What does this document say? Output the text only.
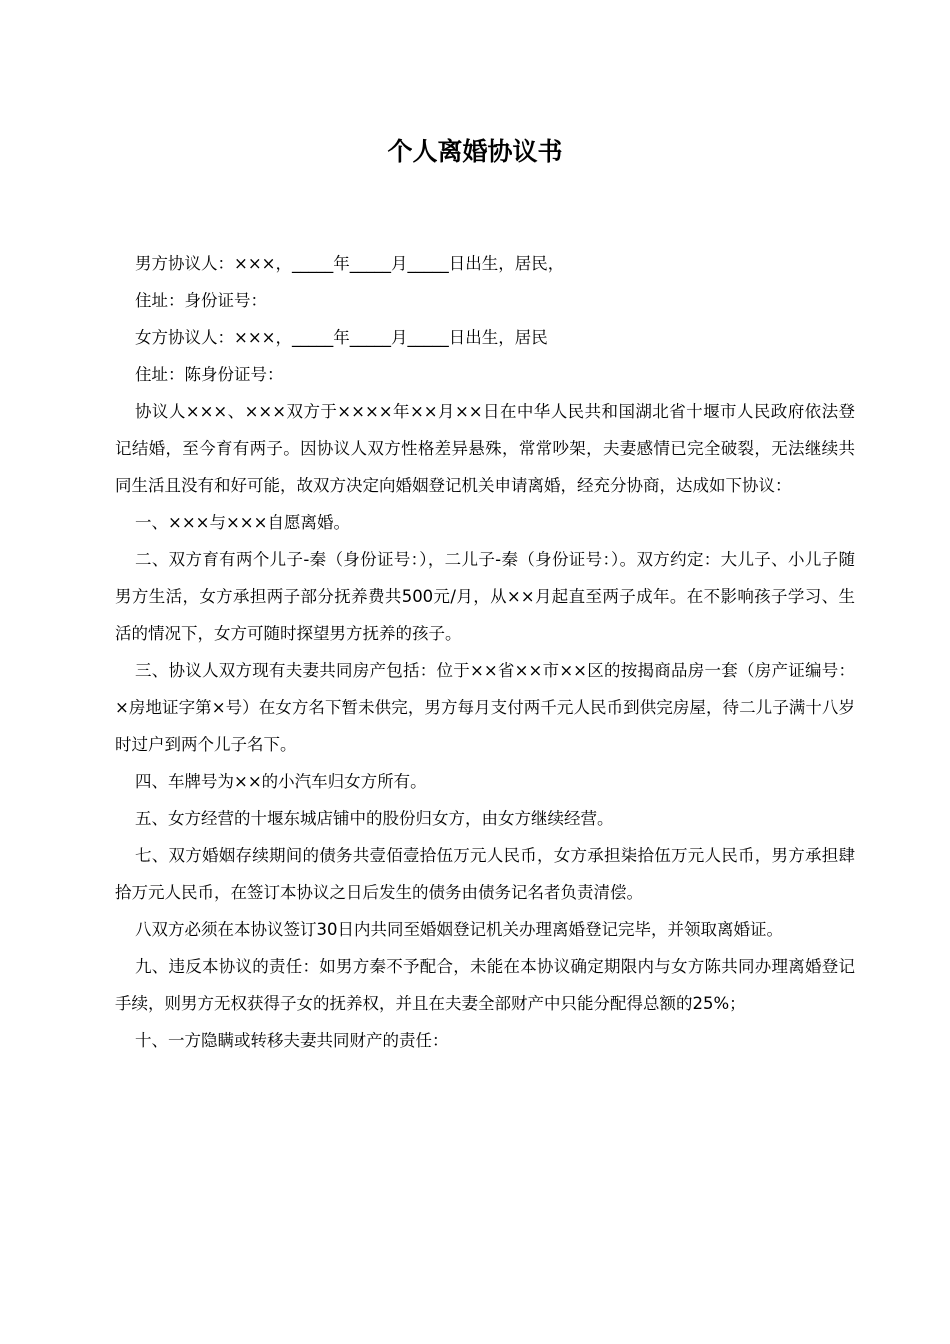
个人离婚协议书

男方协议人：×××，_____年_____月_____日出生，居民，

住址：身份证号：

女方协议人：×××，_____年_____月_____日出生，居民

住址：陈身份证号：

协议人×××、×××双方于××××年××月××日在中华人民共和国湖北省十堰市人民政府依法登记结婚，至今育有两子。因协议人双方性格差异悬殊，常常吵架，夫妻感情已完全破裂，无法继续共同生活且没有和好可能，故双方决定向婚姻登记机关申请离婚，经充分协商，达成如下协议：

一、×××与×××自愿离婚。

二、双方育有两个儿子-秦（身份证号：），二儿子-秦（身份证号：）。双方约定：大儿子、小儿子随男方生活，女方承担两子部分抚养费共500元/月，从××月起直至两子成年。在不影响孩子学习、生活的情况下，女方可随时探望男方抚养的孩子。

三、协议人双方现有夫妻共同房产包括：位于××省××市××区的按揭商品房一套（房产证编号：×房地证字第×号）在女方名下暂未供完，男方每月支付两千元人民币到供完房屋，待二儿子满十八岁时过户到两个儿子名下。

四、车牌号为××的小汽车归女方所有。

五、女方经营的十堰东城店铺中的股份归女方，由女方继续经营。

七、双方婚姻存续期间的债务共壹佰壹拾伍万元人民币，女方承担柒拾伍万元人民币，男方承担肆拾万元人民币，在签订本协议之日后发生的债务由债务记名者负责清偿。

八双方必须在本协议签订30日内共同至婚姻登记机关办理离婚登记完毕，并领取离婚证。

九、违反本协议的责任：如男方秦不予配合，未能在本协议确定期限内与女方陈共同办理离婚登记手续，则男方无权获得子女的抚养权，并且在夫妻全部财产中只能分配得总额的25%；

十、一方隐瞒或转移夫妻共同财产的责任：
